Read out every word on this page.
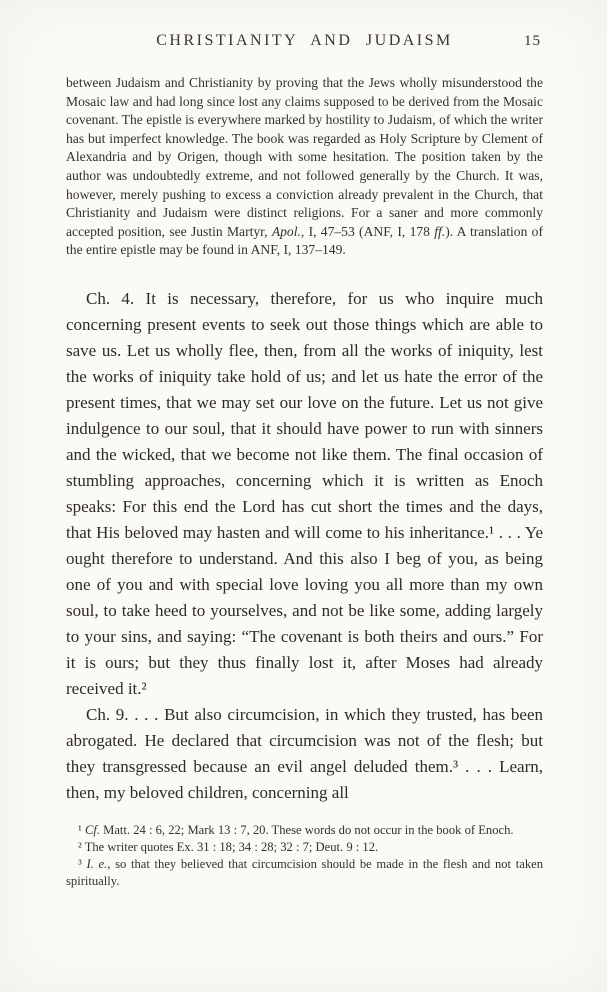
CHRISTIANITY AND JUDAISM	15

between Judaism and Christianity by proving that the Jews wholly misunderstood the Mosaic law and had long since lost any claims supposed to be derived from the Mosaic covenant. The epistle is everywhere marked by hostility to Judaism, of which the writer has but imperfect knowledge. The book was regarded as Holy Scripture by Clement of Alexandria and by Origen, though with some hesitation. The position taken by the author was undoubtedly extreme, and not followed generally by the Church. It was, however, merely pushing to excess a conviction already prevalent in the Church, that Christianity and Judaism were distinct religions. For a saner and more commonly accepted position, see Justin Martyr, Apol., I, 47–53 (ANF, I, 178 ff.). A translation of the entire epistle may be found in ANF, I, 137–149.

Ch. 4. It is necessary, therefore, for us who inquire much concerning present events to seek out those things which are able to save us. Let us wholly flee, then, from all the works of iniquity, lest the works of iniquity take hold of us; and let us hate the error of the present times, that we may set our love on the future. Let us not give indulgence to our soul, that it should have power to run with sinners and the wicked, that we become not like them. The final occasion of stumbling approaches, concerning which it is written as Enoch speaks: For this end the Lord has cut short the times and the days, that His beloved may hasten and will come to his inheritance.¹ . . . Ye ought therefore to understand. And this also I beg of you, as being one of you and with special love loving you all more than my own soul, to take heed to yourselves, and not be like some, adding largely to your sins, and saying: “The covenant is both theirs and ours.” For it is ours; but they thus finally lost it, after Moses had already received it.²

Ch. 9. . . . But also circumcision, in which they trusted, has been abrogated. He declared that circumcision was not of the flesh; but they transgressed because an evil angel deluded them.³ . . . Learn, then, my beloved children, concerning all

¹ Cf. Matt. 24 : 6, 22; Mark 13 : 7, 20. These words do not occur in the book of Enoch.

² The writer quotes Ex. 31 : 18; 34 : 28; 32 : 7; Deut. 9 : 12.

³ I. e., so that they believed that circumcision should be made in the flesh and not taken spiritually.
